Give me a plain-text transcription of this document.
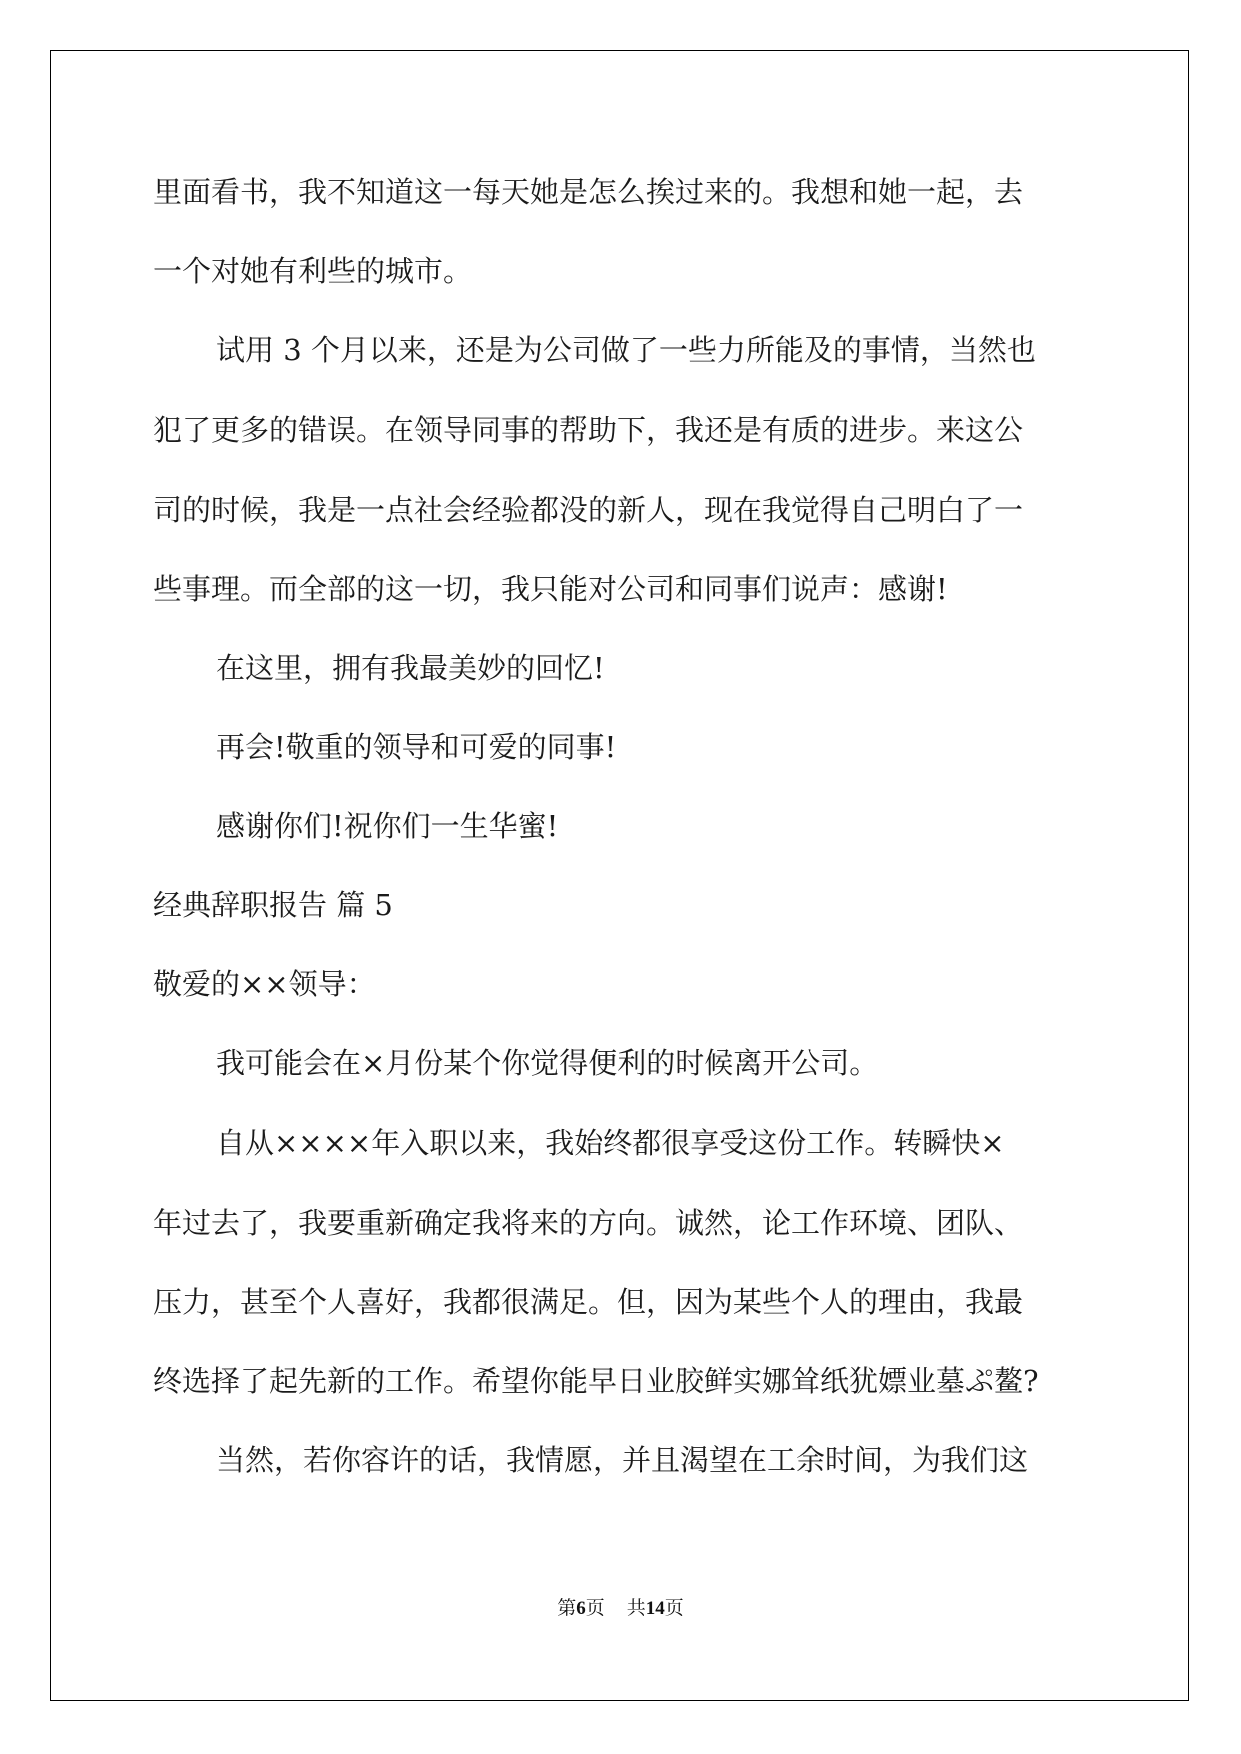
里面看书，我不知道这一每天她是怎么挨过来的。我想和她一起，去

一个对她有利些的城市。

试用 3 个月以来，还是为公司做了一些力所能及的事情，当然也

犯了更多的错误。在领导同事的帮助下，我还是有质的进步。来这公

司的时候，我是一点社会经验都没的新人，现在我觉得自己明白了一

些事理。而全部的这一切，我只能对公司和同事们说声：感谢!

在这里，拥有我最美妙的回忆!

再会!敬重的领导和可爱的同事!

感谢你们!祝你们一生华蜜!

经典辞职报告 篇 5

敬爱的××领导：

我可能会在×月份某个你觉得便利的时候离开公司。

自从××××年入职以来，我始终都很享受这份工作。转瞬快×

年过去了，我要重新确定我将来的方向。诚然，论工作环境、团队、

压力，甚至个人喜好，我都很满足。但，因为某些个人的理由，我最

终选择了起先新的工作。希望你能早日业胶鲜实娜耸纸犹嫖业墓ぷ鳌?

当然，若你容许的话，我情愿，并且渴望在工余时间，为我们这

第6页 共14页
